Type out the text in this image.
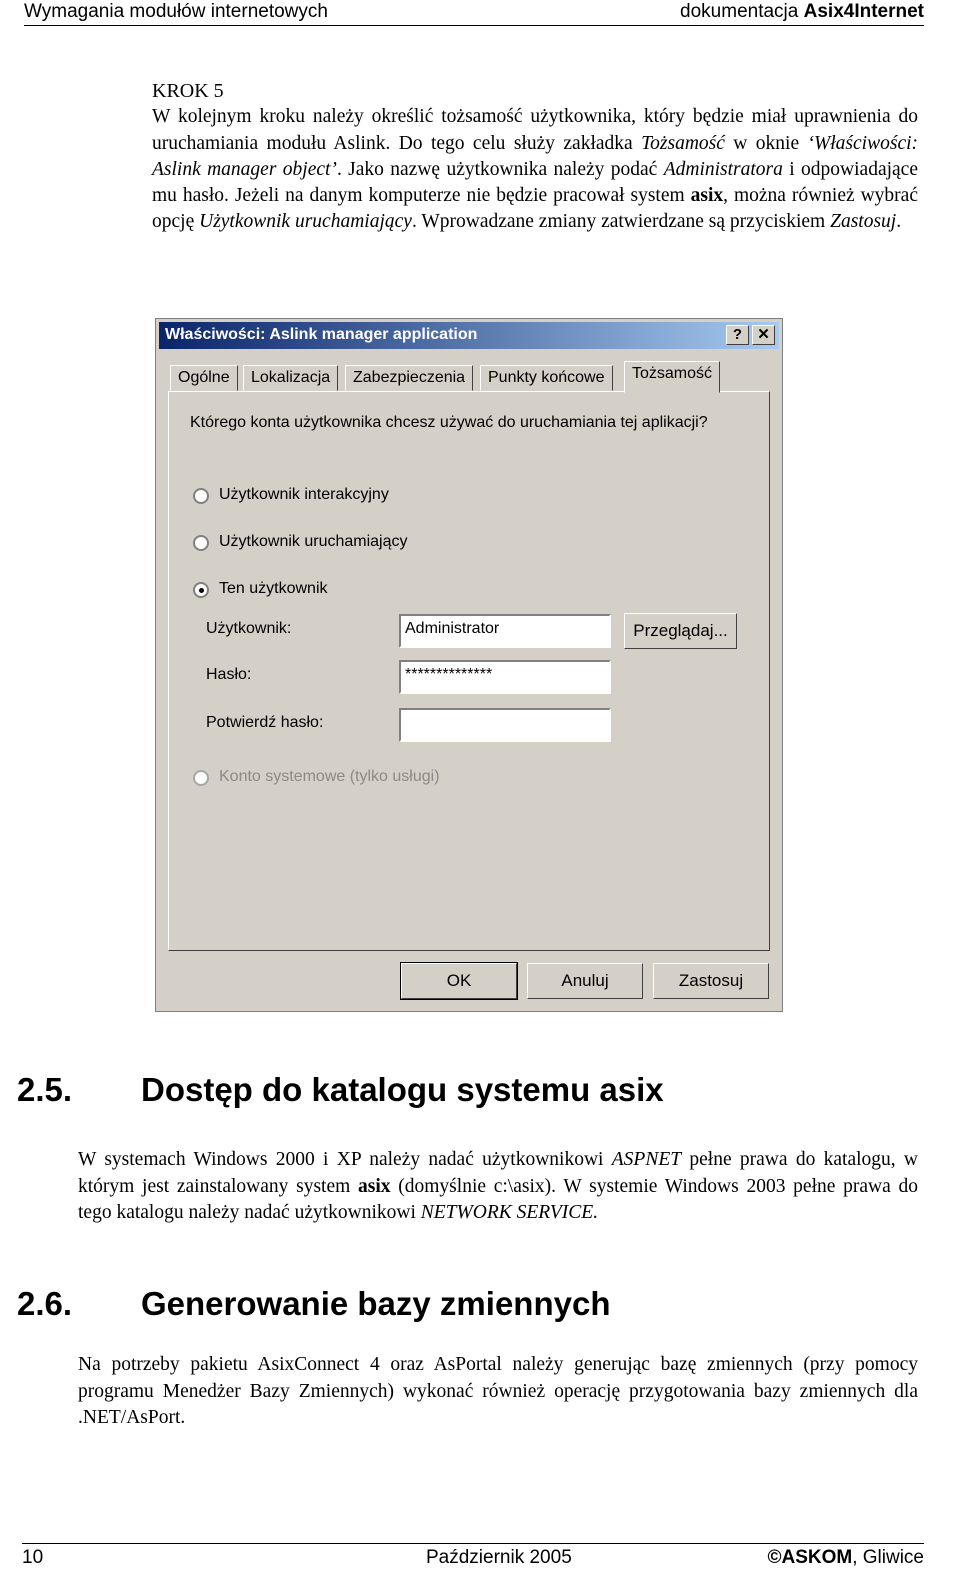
Wymagania modułów internetowych	dokumentacja Asix4Internet
KROK 5

W kolejnym kroku należy określić tożsamość użytkownika, który będzie miał uprawnienia do uruchamiania modułu Aslink. Do tego celu służy zakładka Tożsamość w oknie ‘Właściwości: Aslink manager object’. Jako nazwę użytkownika należy podać Administratora i odpowiadające mu hasło. Jeżeli na danym komputerze nie będzie pracował system asix, można również wybrać opcję Użytkownik uruchamiający. Wprowadzane zmiany zatwierdzane są przyciskiem Zastosuj.

Właściwości: Aslink manager application	?	✕
Ogólne	Lokalizacja	Zabezpieczenia	Punkty końcowe	Tożsamość
Którego konta użytkownika chcesz używać do uruchamiania tej aplikacji?
Użytkownik interakcyjny
Użytkownik uruchamiający
Ten użytkownik
Użytkownik:	Administrator	Przeglądaj...
Hasło:	**************
Potwierdź hasło:
Konto systemowe (tylko usługi)
OK	Anuluj	Zastosuj
2.5. Dostęp do katalogu systemu asix
W systemach Windows 2000 i XP należy nadać użytkownikowi ASPNET pełne prawa do katalogu, w którym jest zainstalowany system asix (domyślnie c:\asix). W systemie Windows 2003 pełne prawa do tego katalogu należy nadać użytkownikowi NETWORK SERVICE.
2.6. Generowanie bazy zmiennych
Na potrzeby pakietu AsixConnect 4 oraz AsPortal należy generując bazę zmiennych (przy pomocy programu Menedżer Bazy Zmiennych) wykonać również operację przygotowania bazy zmiennych dla .NET/AsPort.
10	Październik 2005	©ASKOM, Gliwice
